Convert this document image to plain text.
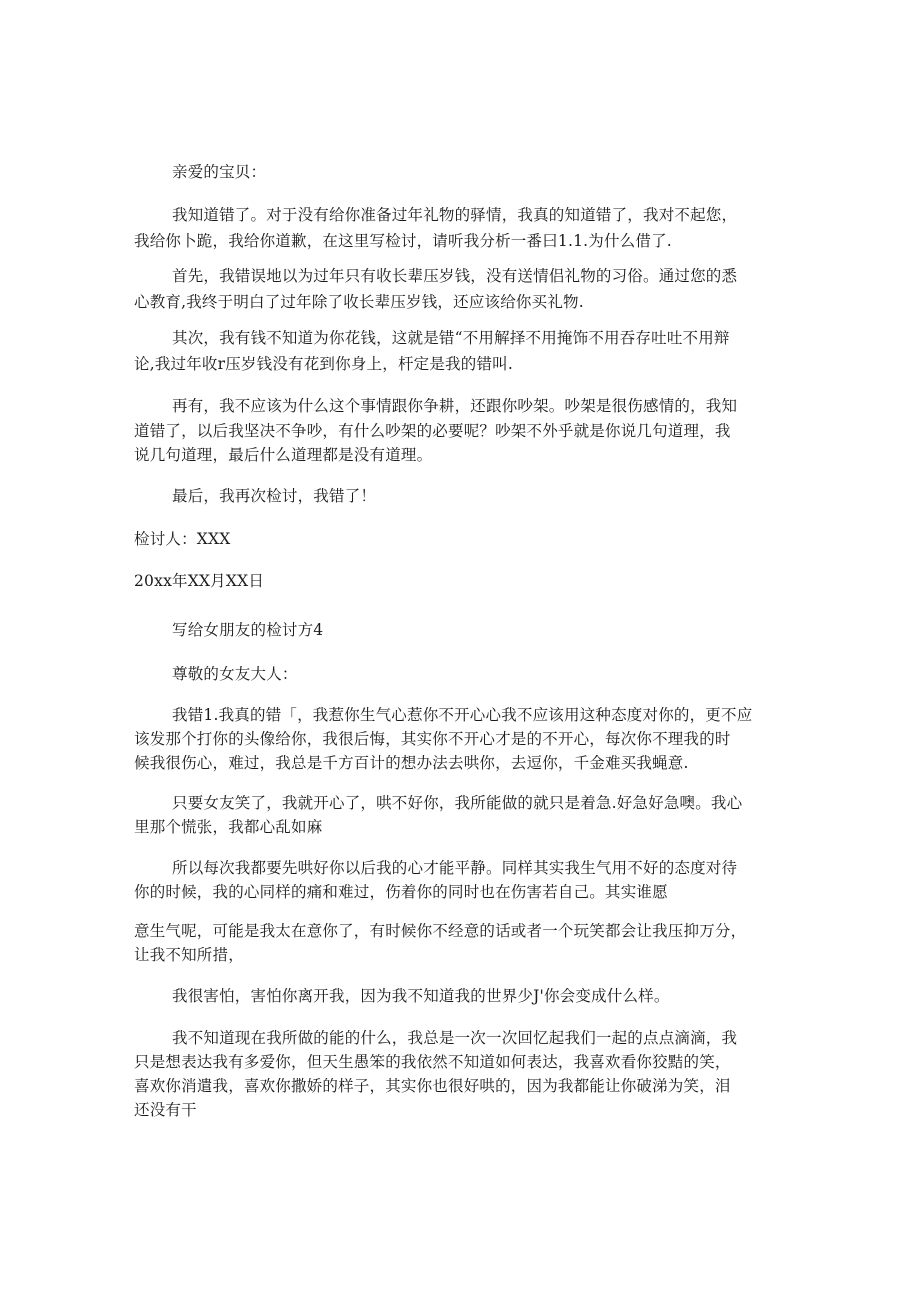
亲爱的宝贝：
我知道错了。对于没有给你准备过年礼物的驿情，我真的知道错了，我对不起您，
我给你卜跪，我给你道歉，在这里写检讨，请听我分析一番曰1.1.为什么借了.
首先，我错误地以为过年只有收长辈压岁钱，没有送情侣礼物的习俗。通过您的悉
心教育,我终于明白了过年除了收长辈压岁钱，还应该给你买礼物.
其次，我有钱不知道为你花钱，这就是错“不用解择不用掩饰不用吞存吐吐不用辩
论,我过年收r压岁钱没有花到你身上，杆定是我的错叫.
再有，我不应该为什么这个事情跟你争耕，还跟你吵架。吵架是很伤感情的，我知
道错了，以后我坚决不争吵，有什么吵架的必要呢？吵架不外乎就是你说几句道理，我
说几句道理，最后什么道理都是没有道理。
最后，我再次检讨，我错了！
检讨人：XXX
20xx年XX月XX日
写给女朋友的检讨方4
尊敬的女友大人：
我错1.我真的错「，我惹你生气心惹你不开心心我不应该用这种态度对你的，更不应
该发那个打你的头像给你，我很后悔，其实你不开心才是的不开心，每次你不理我的时
候我很伤心，难过，我总是千方百计的想办法去哄你，去逗你，千金难买我蝇意.
只要女友笑了，我就开心了，哄不好你，我所能做的就只是着急.好急好急噢。我心
里那个慌张，我都心乱如麻
所以每次我都要先哄好你以后我的心才能平静。同样其实我生气用不好的态度对待
你的时候，我的心同样的痛和难过，伤着你的同时也在伤害若自己。其实谁愿
意生气呢，可能是我太在意你了，有时候你不经意的话或者一个玩笑都会让我压抑万分，
让我不知所措，
我很害怕，害怕你离开我，因为我不知道我的世界少J'你会变成什么样。
我不知道现在我所做的能的什么，我总是一次一次回忆起我们一起的点点滴滴，我
只是想表达我有多爱你，但天生愚笨的我依然不知道如何表达，我喜欢看你狡黠的笑，
喜欢你消遣我，喜欢你撒娇的样子，其实你也很好哄的，因为我都能让你破涕为笑，泪
还没有干
